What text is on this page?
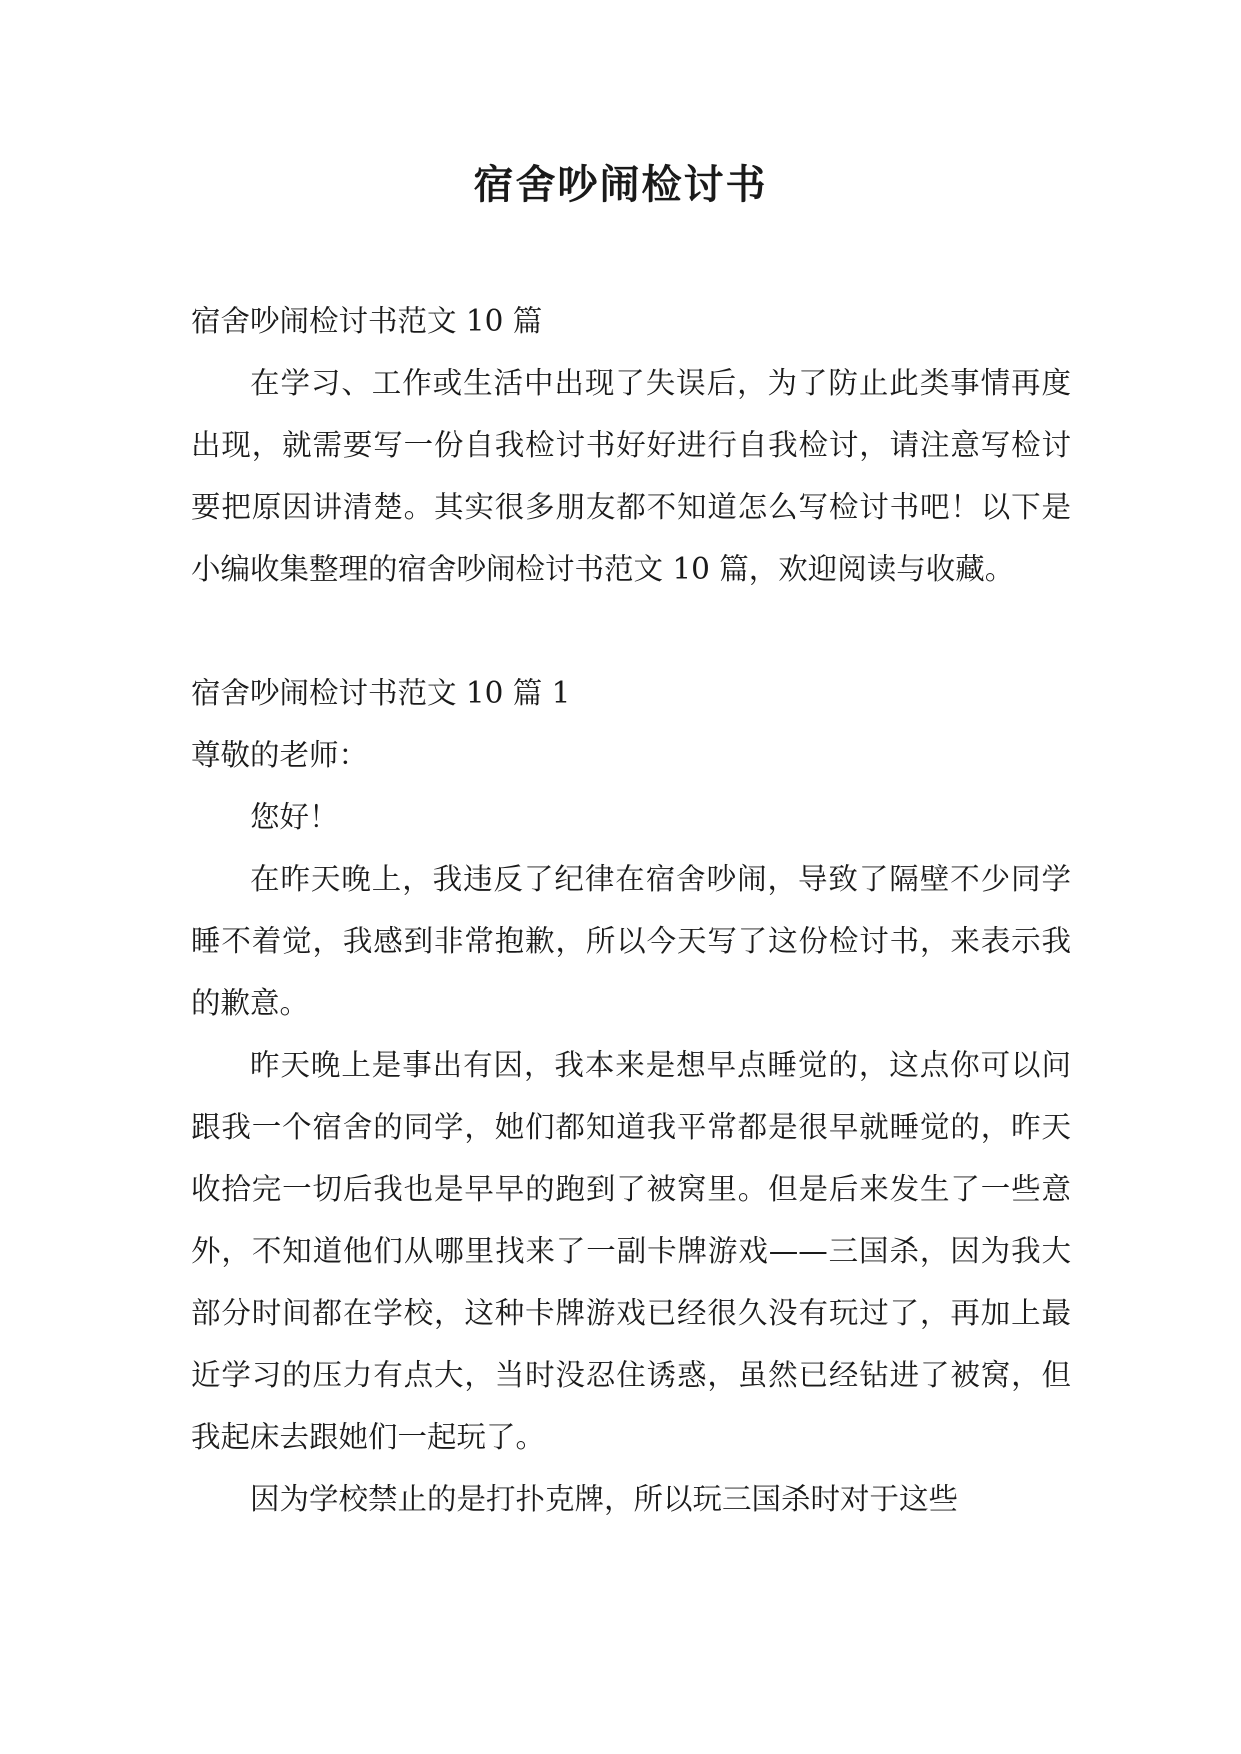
宿舍吵闹检讨书

宿舍吵闹检讨书范文 10 篇

在学习、工作或生活中出现了失误后，为了防止此类事情再度出现，就需要写一份自我检讨书好好进行自我检讨，请注意写检讨要把原因讲清楚。其实很多朋友都不知道怎么写检讨书吧！以下是小编收集整理的宿舍吵闹检讨书范文 10 篇，欢迎阅读与收藏。

宿舍吵闹检讨书范文 10 篇 1

尊敬的老师：

您好！

在昨天晚上，我违反了纪律在宿舍吵闹，导致了隔壁不少同学睡不着觉，我感到非常抱歉，所以今天写了这份检讨书，来表示我的歉意。

昨天晚上是事出有因，我本来是想早点睡觉的，这点你可以问跟我一个宿舍的同学，她们都知道我平常都是很早就睡觉的，昨天收拾完一切后我也是早早的跑到了被窝里。但是后来发生了一些意外，不知道他们从哪里找来了一副卡牌游戏——三国杀，因为我大部分时间都在学校，这种卡牌游戏已经很久没有玩过了，再加上最近学习的压力有点大，当时没忍住诱惑，虽然已经钻进了被窝，但我起床去跟她们一起玩了。

因为学校禁止的是打扑克牌，所以玩三国杀时对于这些
